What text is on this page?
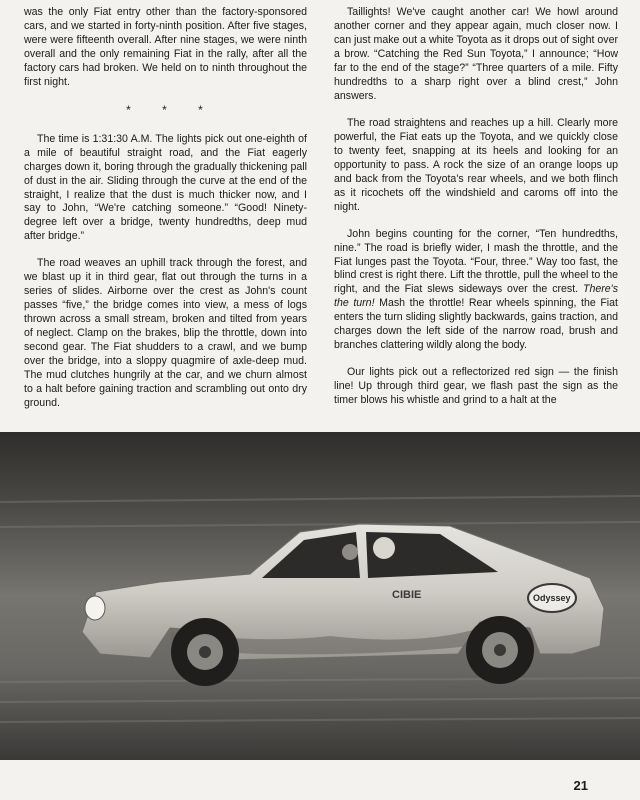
was the only Fiat entry other than the factory-sponsored cars, and we started in forty-ninth position. After five stages, were were fifteenth overall. After nine stages, we were ninth overall and the only remaining Fiat in the rally, after all the factory cars had broken. We held on to ninth throughout the first night.

* * *

The time is 1:31:30 A.M. The lights pick out one-eighth of a mile of beautiful straight road, and the Fiat eagerly charges down it, boring through the gradually thickening pall of dust in the air. Sliding through the curve at the end of the straight, I realize that the dust is much thicker now, and I say to John, “We're catching someone.” “Good! Ninety-degree left over a bridge, twenty hundredths, deep mud after bridge.”

The road weaves an uphill track through the forest, and we blast up it in third gear, flat out through the turns in a series of slides. Airborne over the crest as John's count passes “five,” the bridge comes into view, a mess of logs thrown across a small stream, broken and tilted from years of neglect. Clamp on the brakes, blip the throttle, down into second gear. The Fiat shudders to a crawl, and we bump over the bridge, into a sloppy quagmire of axle-deep mud. The mud clutches hungrily at the car, and we churn almost to a halt before gaining traction and scrambling out onto dry ground.

Taillights! We've caught another car! We howl around another corner and they appear again, much closer now. I can just make out a white Toyota as it drops out of sight over a brow. “Catching the Red Sun Toyota,” I announce; “How far to the end of the stage?” “Three quarters of a mile. Fifty hundredths to a sharp right over a blind crest,” John answers.

The road straightens and reaches up a hill. Clearly more powerful, the Fiat eats up the Toyota, and we quickly close to twenty feet, snapping at its heels and looking for an opportunity to pass. A rock the size of an orange loops up and back from the Toyota's rear wheels, and we both flinch as it ricochets off the windshield and caroms off into the night.

John begins counting for the corner, “Ten hundredths, nine.” The road is briefly wider, I mash the throttle, and the Fiat lunges past the Toyota. “Four, three.” Way too fast, the blind crest is right there. Lift the throttle, pull the wheel to the right, and the Fiat slews sideways over the crest. There's the turn! Mash the throttle! Rear wheels spinning, the Fiat enters the turn sliding slightly backwards, gains traction, and charges down the left side of the narrow road, brush and branches clattering wildly along the body.

Our lights pick out a reflectorized red sign — the finish line! Up through third gear, we flash past the sign as the timer blows his whistle and grind to a halt at the

CIBIE	Odyssey
21
